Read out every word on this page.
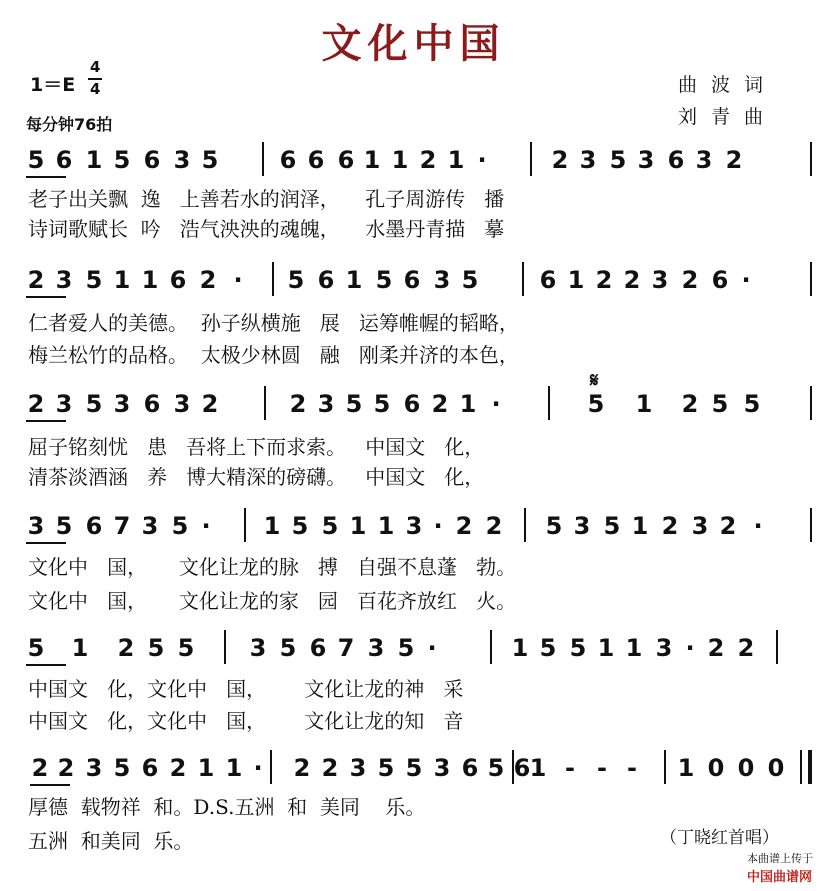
文化中国
1＝E
4
4
每分钟76拍
曲波词
刘青曲
5 6 1 5 6 3 5	6 6 6 1 1 2 1 ·	2 3 5 3 6 3 2
老子出关飘  逸   上善若水的润泽，    孔子周游传   播
诗词歌赋长  吟   浩气泱泱的魂魄，    水墨丹青描   摹
2 3 5 1 1 6 2 · 5 6 1 5 6 3 5	6 1 2 2 3 2 6 ·
仁者爱人的美德。  孙子纵横施   展   运筹帷幄的韬略，
梅兰松竹的品格。  太极少林圆   融   刚柔并济的本色，
2 3 5 3 6 3 2	2 3 5 5 6 2 1 ·	5 1 2 5 5
屈子铭刻忧   患   吾将上下而求索。   中国文   化，
清茶淡酒涵   养   博大精深的磅礴。   中国文   化，
3 5 6 7 3 5 · 1 5 5 1 1 3 · 2 2 5 3 5 1 2 3 2 ·
文化中   国，     文化让龙的脉   搏   自强不息蓬   勃。
文化中   国，     文化让龙的家   园   百花齐放红   火。
5 1 2 5 5 3 5 6 7 3 5 ·	1 5 5 1 1 3 · 2 2
中国文   化，文化中   国，      文化让龙的神   采
中国文   化，文化中   国，      文化让龙的知   音
2 2 3 5 6 2 1 1 · 2 2 3 5 5 3 6 5 6 1 - - - 1 0 0 0
厚德  载物祥  和。D.S.五洲  和  美同    乐。
五洲  和美同  乐。
𝄋
（丁晓红首唱）

本曲谱上传于
中国曲谱网
